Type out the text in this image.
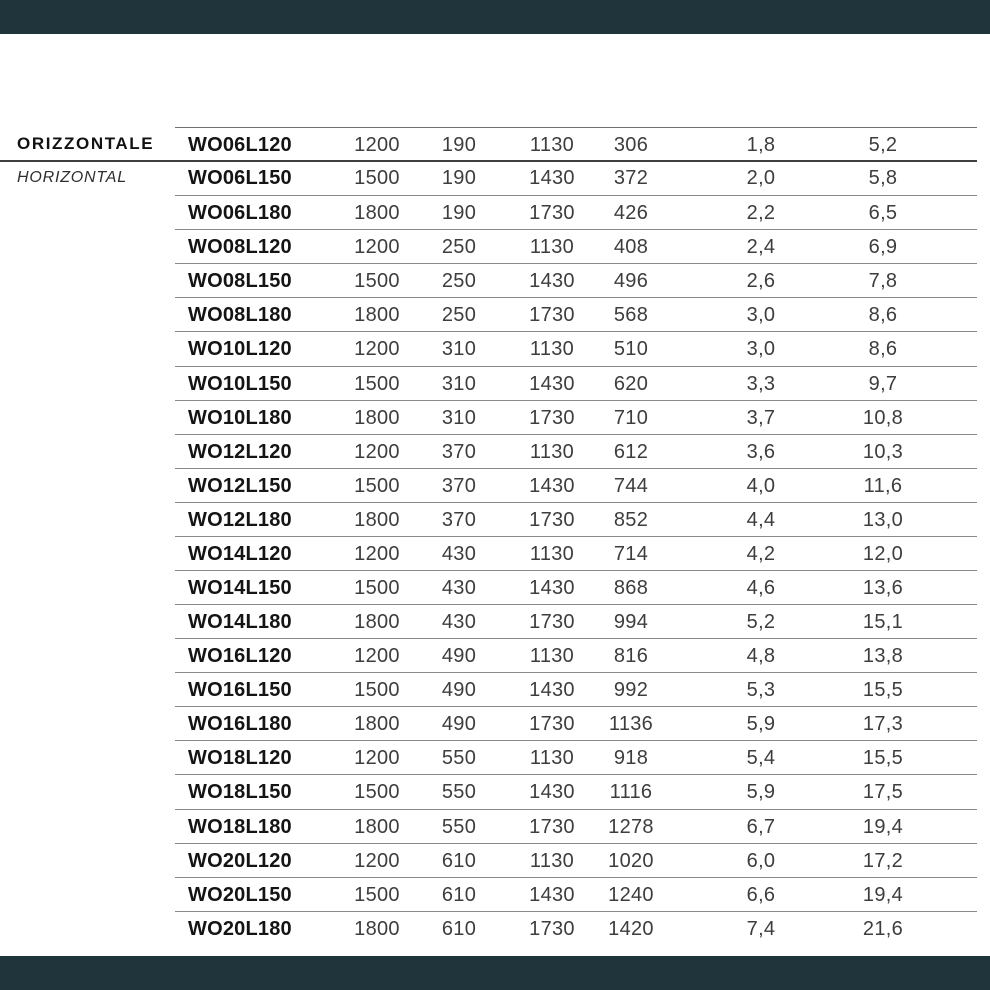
ORIZZONTALE
HORIZONTAL
WO06L120	1200 190	1130 306	1,8	5,2
WO06L150	1500 190	1430 372	2,0	5,8
WO06L180	1800 190	1730 426	2,2	6,5
WO08L120	1200 250	1130 408	2,4	6,9
WO08L150	1500 250	1430 496	2,6	7,8
WO08L180	1800 250	1730 568	3,0	8,6
WO10L120	1200 310	1130 510	3,0	8,6
WO10L150	1500 310	1430 620	3,3	9,7
WO10L180	1800 310	1730 710	3,7	10,8
WO12L120	1200 370	1130 612	3,6	10,3
WO12L150	1500 370	1430 744	4,0	11,6
WO12L180	1800 370	1730 852	4,4	13,0
WO14L120	1200 430	1130 714	4,2	12,0
WO14L150	1500 430	1430 868	4,6	13,6
WO14L180	1800 430	1730 994	5,2	15,1
WO16L120	1200 490	1130 816	4,8	13,8
WO16L150	1500 490	1430 992	5,3	15,5
WO16L180	1800 490	1730 1136	5,9	17,3
WO18L120	1200 550	1130 918	5,4	15,5
WO18L150	1500 550	1430 1116	5,9	17,5
WO18L180	1800 550	1730 1278	6,7	19,4
WO20L120	1200 610	1130 1020	6,0	17,2
WO20L150	1500 610	1430 1240	6,6	19,4
WO20L180	1800 610	1730 1420	7,4	21,6
